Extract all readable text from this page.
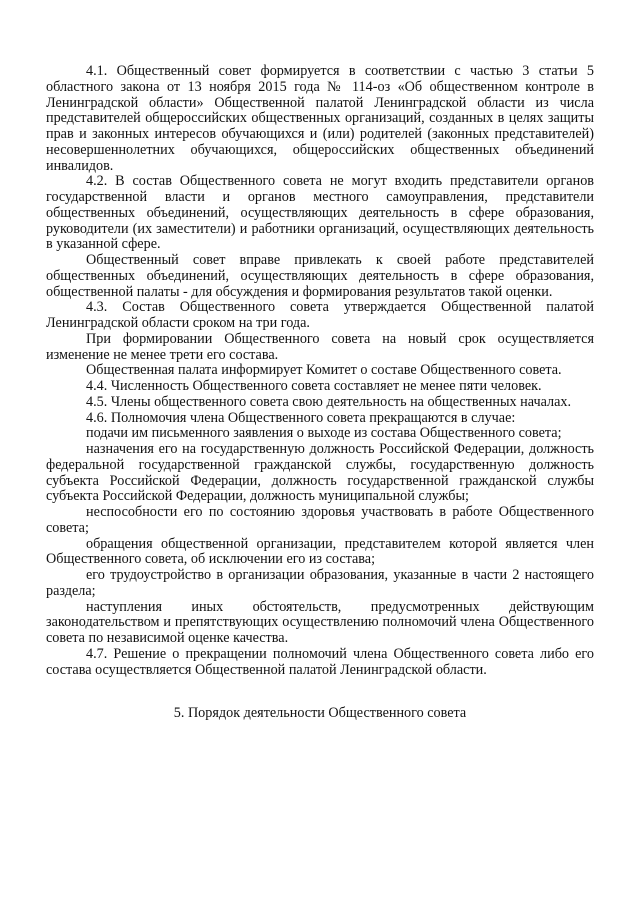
4.1. Общественный совет формируется в соответствии с частью 3 статьи 5 областного закона от 13 ноября 2015 года № 114-оз «Об общественном контроле в Ленинградской области» Общественной палатой Ленинградской области из числа представителей общероссийских общественных организаций, созданных в целях защиты прав и законных интересов обучающихся и (или) родителей (законных представителей) несовершеннолетних обучающихся, общероссийских общественных объединений инвалидов.

4.2. В состав Общественного совета не могут входить представители органов государственной власти и органов местного самоуправления, представители общественных объединений, осуществляющих деятельность в сфере образования, руководители (их заместители) и работники организаций, осуществляющих деятельность в указанной сфере.

Общественный совет вправе привлекать к своей работе представителей общественных объединений, осуществляющих деятельность в сфере образования, общественной палаты - для обсуждения и формирования результатов такой оценки.

4.3. Состав Общественного совета утверждается Общественной палатой Ленинградской области сроком на три года.

При формировании Общественного совета на новый срок осуществляется изменение не менее трети его состава.

Общественная палата информирует Комитет о составе Общественного совета.

4.4. Численность Общественного совета составляет не менее пяти человек.

4.5. Члены общественного совета свою деятельность на общественных началах.

4.6. Полномочия члена Общественного совета прекращаются в случае:

подачи им письменного заявления о выходе из состава Общественного совета;

назначения его на государственную должность Российской Федерации, должность федеральной государственной гражданской службы, государственную должность субъекта Российской Федерации, должность государственной гражданской службы субъекта Российской Федерации, должность муниципальной службы;

неспособности его по состоянию здоровья участвовать в работе Общественного совета;

обращения общественной организации, представителем которой является член Общественного совета, об исключении его из состава;

его трудоустройство в организации образования, указанные в части 2 настоящего раздела;

наступления иных обстоятельств, предусмотренных действующим законодательством и препятствующих осуществлению полномочий члена Общественного совета по независимой оценке качества.

4.7. Решение о прекращении полномочий члена Общественного совета либо его состава осуществляется Общественной палатой Ленинградской области.

5. Порядок деятельности Общественного совета
